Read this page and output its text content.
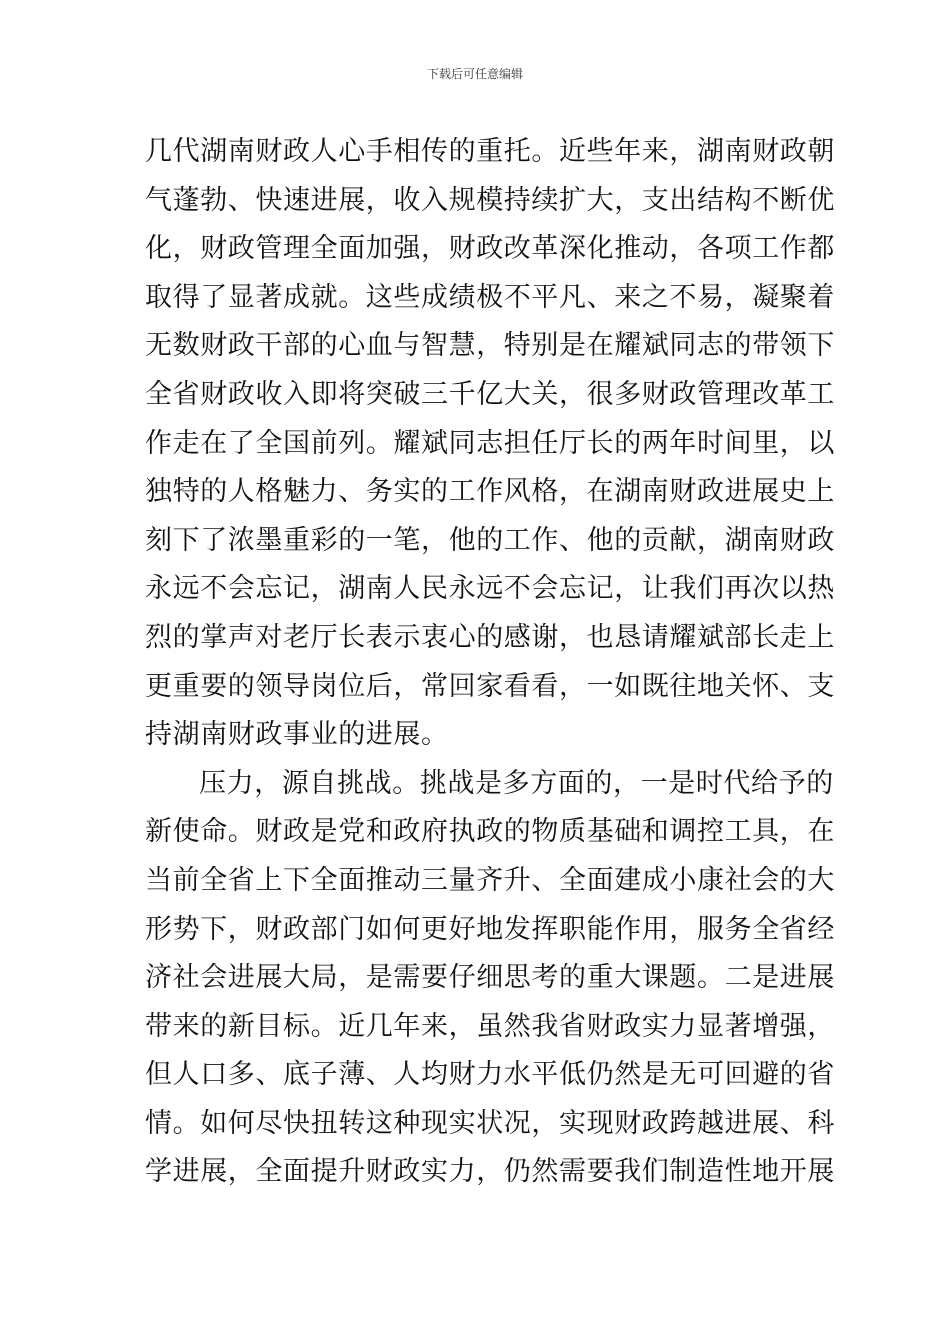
下载后可任意编辑
几代湖南财政人心手相传的重托。近些年来，湖南财政朝
气蓬勃、快速进展，收入规模持续扩大，支出结构不断优
化，财政管理全面加强，财政改革深化推动，各项工作都
取得了显著成就。这些成绩极不平凡、来之不易，凝聚着
无数财政干部的心血与智慧，特别是在耀斌同志的带领下
全省财政收入即将突破三千亿大关，很多财政管理改革工
作走在了全国前列。耀斌同志担任厅长的两年时间里，以
独特的人格魅力、务实的工作风格，在湖南财政进展史上
刻下了浓墨重彩的一笔，他的工作、他的贡献，湖南财政
永远不会忘记，湖南人民永远不会忘记，让我们再次以热
烈的掌声对老厅长表示衷心的感谢，也恳请耀斌部长走上
更重要的领导岗位后，常回家看看，一如既往地关怀、支
持湖南财政事业的进展。
压力，源自挑战。挑战是多方面的，一是时代给予的
新使命。财政是党和政府执政的物质基础和调控工具，在
当前全省上下全面推动三量齐升、全面建成小康社会的大
形势下，财政部门如何更好地发挥职能作用，服务全省经
济社会进展大局，是需要仔细思考的重大课题。二是进展
带来的新目标。近几年来，虽然我省财政实力显著增强，
但人口多、底子薄、人均财力水平低仍然是无可回避的省
情。如何尽快扭转这种现实状况，实现财政跨越进展、科
学进展，全面提升财政实力，仍然需要我们制造性地开展
